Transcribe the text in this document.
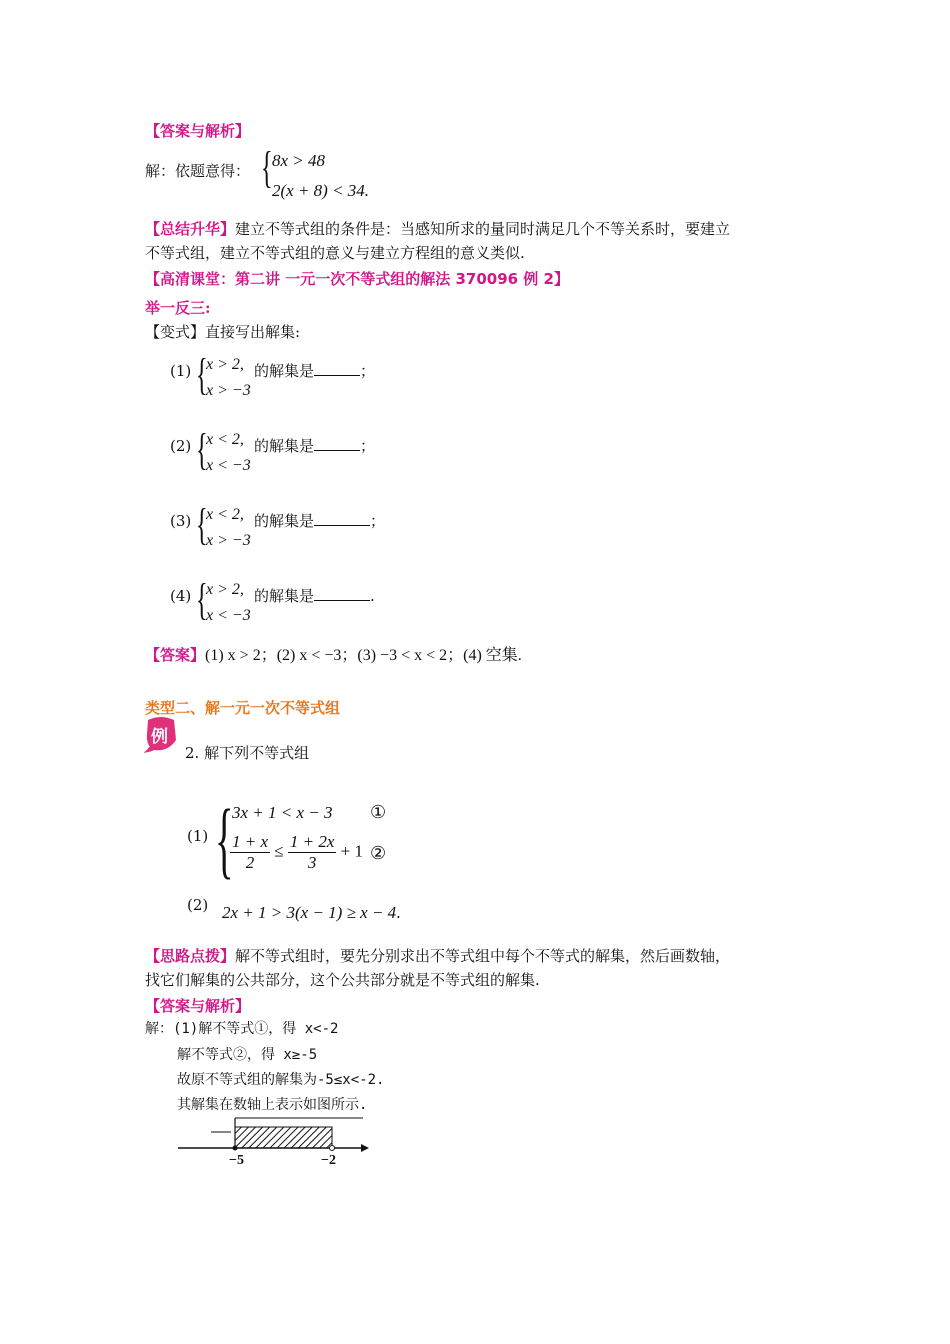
【答案与解析】
解：依题意得： { 8x > 48
2(x + 8) < 34.
【总结升华】建立不等式组的条件是：当感知所求的量同时满足几个不等关系时，要建立
不等式组，建立不等式组的意义与建立方程组的意义类似.
【高清课堂：第二讲 一元一次不等式组的解法 370096 例 2】
举一反三:
【变式】直接写出解集:
(1) {
x > 2,
x > −3
的解集是	；
(2) {
x < 2,
x < −3
的解集是	；
(3) {
x < 2,
x > −3
的解集是	；
(4) {
x > 2,
x < −3
的解集是	.
【答案】(1) x > 2；(2) x < −3；(3) −3 < x < 2；(4) 空集.
类型二、解一元一次不等式组
例
2. 解下列不等式组
(1) {
3x + 1 < x − 3 ①
$\frac{1 + x}{2} \le \frac{1 + 2x}{3} + 1$ ②
(2) 2x + 1 > 3(x − 1) ≥ x − 4.
【思路点拨】解不等式组时，要先分别求出不等式组中每个不等式的解集，然后画数轴，
找它们解集的公共部分，这个公共部分就是不等式组的解集.
【答案与解析】
解：(1)解不等式①，得 x<-2
解不等式②，得 x≥-5
故原不等式组的解集为-5≤x<-2.
其解集在数轴上表示如图所示.
−5	−2
